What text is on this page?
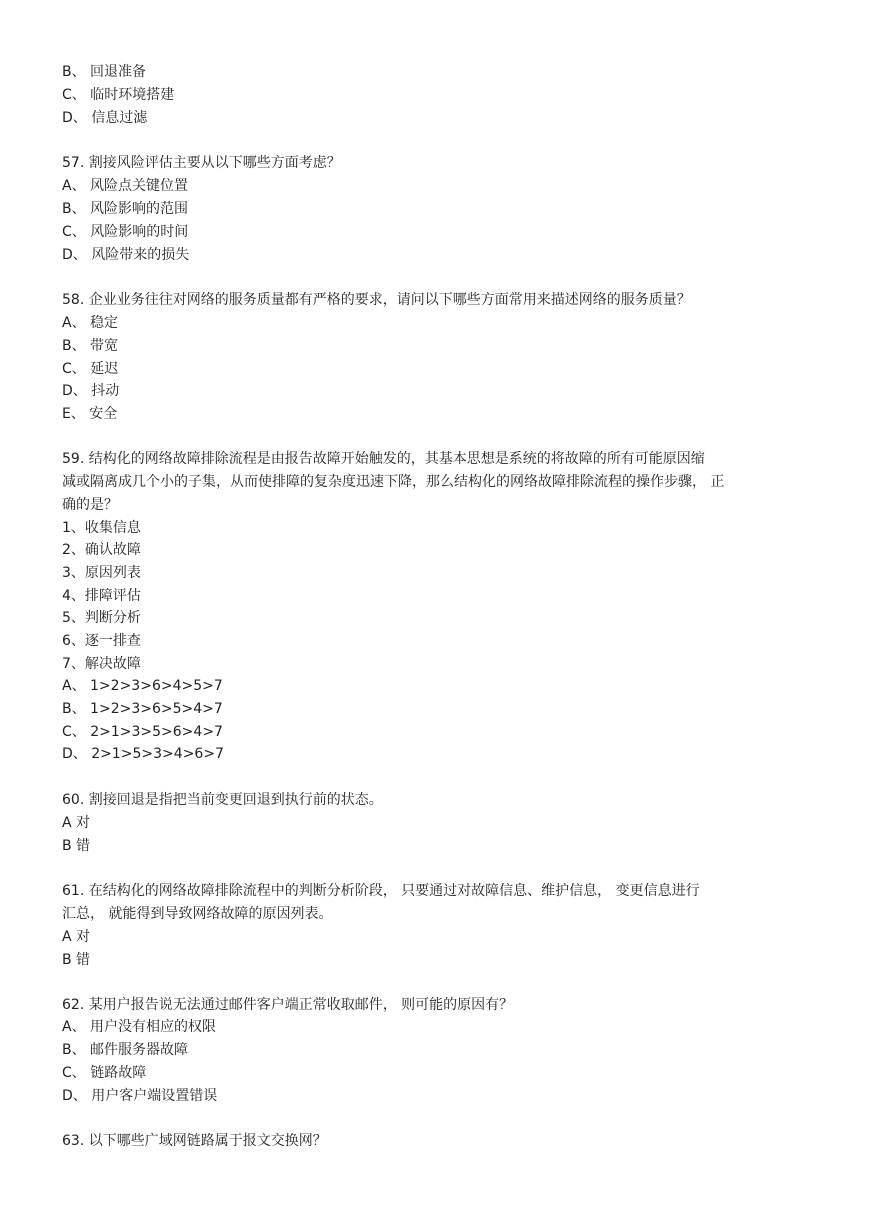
B、 回退准备

C、 临时环境搭建

D、 信息过滤

57. 割接风险评估主要从以下哪些方面考虑？

A、 风险点关键位置

B、 风险影响的范围

C、 风险影响的时间

D、 风险带来的损失

58. 企业业务往往对网络的服务质量都有严格的要求，请问以下哪些方面常用来描述网络的服务质量？

A、 稳定

B、 带宽

C、 延迟

D、 抖动

E、 安全

59. 结构化的网络故障排除流程是由报告故障开始触发的，其基本思想是系统的将故障的所有可能原因缩

减或隔离成几个小的子集，从而使排障的复杂度迅速下降，那么结构化的网络故障排除流程的操作步骤， 正

确的是？

1、收集信息

2、确认故障

3、原因列表

4、排障评估

5、判断分析

6、逐一排查

7、解决故障

A、 1>2>3>6>4>5>7

B、 1>2>3>6>5>4>7

C、 2>1>3>5>6>4>7

D、 2>1>5>3>4>6>7

60. 割接回退是指把当前变更回退到执行前的状态。

A 对

B 错

61. 在结构化的网络故障排除流程中的判断分析阶段， 只要通过对故障信息、维护信息， 变更信息进行

汇总， 就能得到导致网络故障的原因列表。

A 对

B 错

62. 某用户报告说无法通过邮件客户端正常收取邮件， 则可能的原因有？

A、 用户没有相应的权限

B、 邮件服务器故障

C、 链路故障

D、 用户客户端设置错误

63. 以下哪些广域网链路属于报文交换网？
